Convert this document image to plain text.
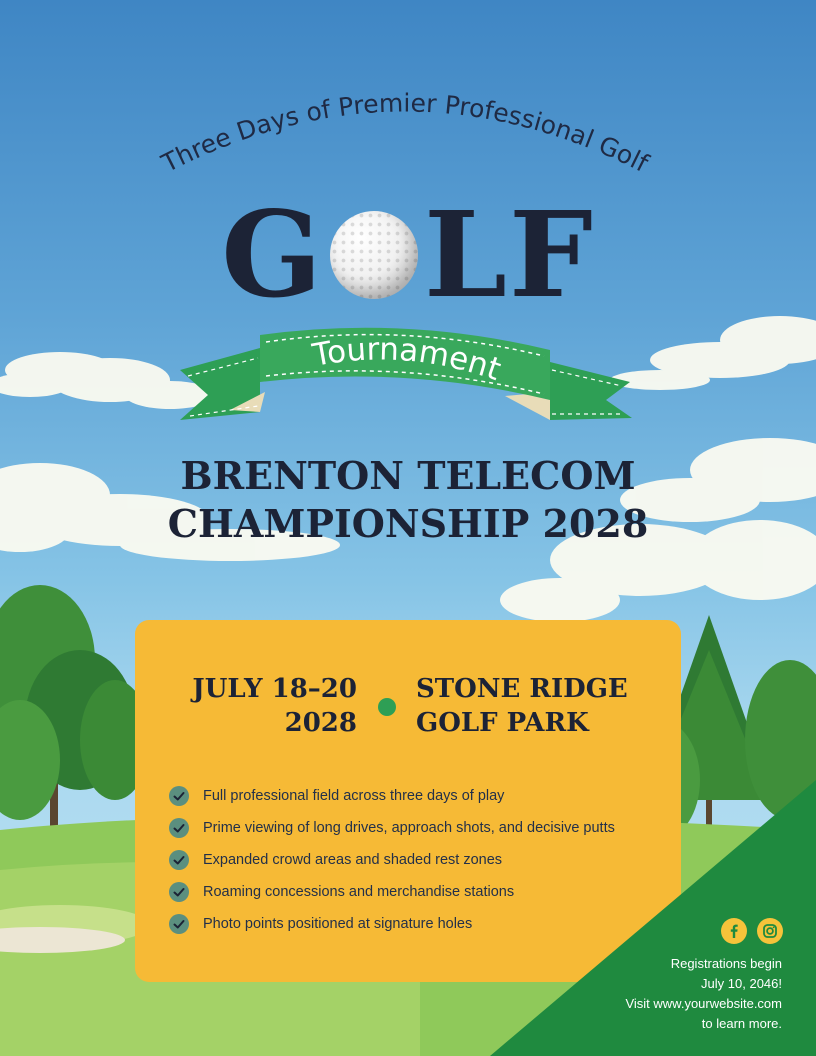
Three Days of Premier Professional Golf
G LF
Tournament
BRENTON TELECOM
CHAMPIONSHIP 2028
JULY 18–20
2028
STONE RIDGE
GOLF PARK
Full professional field across three days of play
Prime viewing of long drives, approach shots, and decisive putts
Expanded crowd areas and shaded rest zones
Roaming concessions and merchandise stations
Photo points positioned at signature holes
Registrations begin
July 10, 2046!
Visit www.yourwebsite.com
to learn more.
